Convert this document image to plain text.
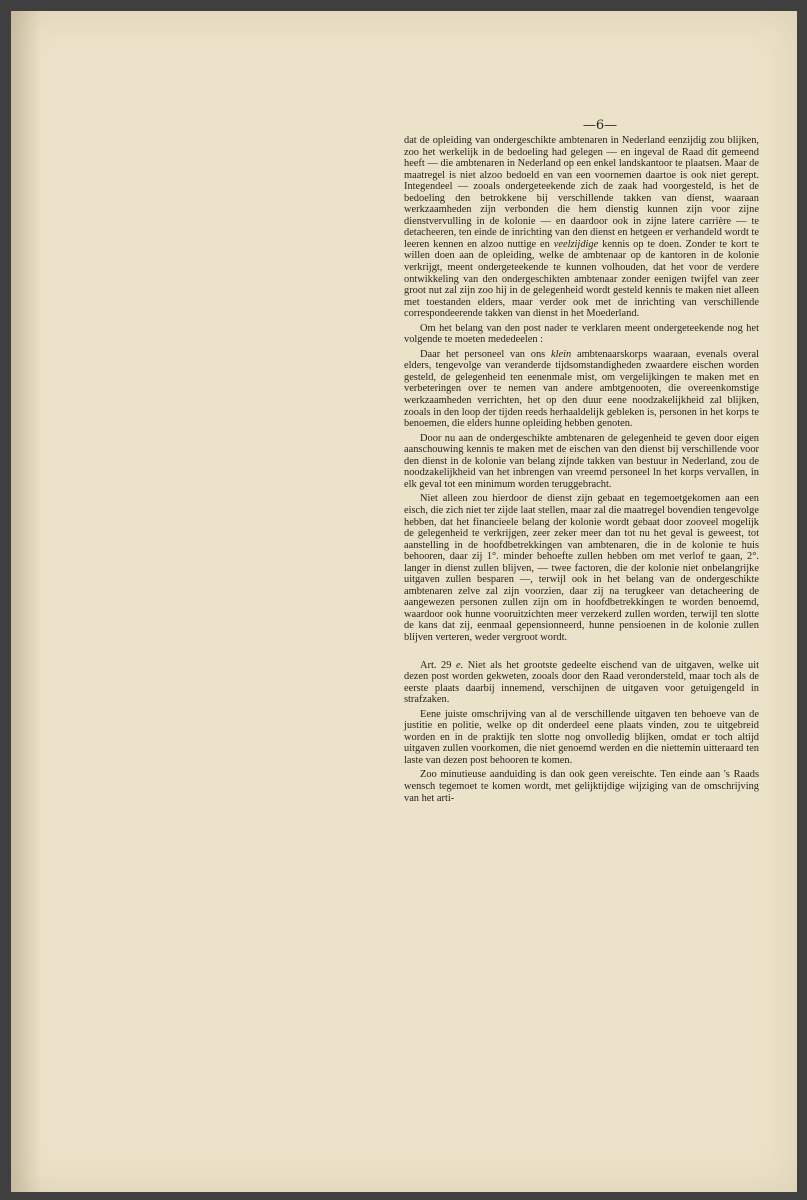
—6—

dat de opleiding van ondergeschikte ambtenaren in Nederland eenzijdig zou blijken, zoo het werkelijk in de bedoeling had gelegen — en ingeval de Raad dit gemeend heeft — die ambtenaren in Nederland op een enkel landskantoor te plaatsen. Maar de maatregel is niet alzoo bedoeld en van een voornemen daartoe is ook niet gerept. Integendeel — zooals ondergeteekende zich de zaak had voorgesteld, is het de bedoeling den betrokkene bij verschillende takken van dienst, waaraan werkzaamheden zijn verbonden die hem dienstig kunnen zijn voor zijne dienstvervulling in de kolonie — en daardoor ook in zijne latere carrière — te detacheeren, ten einde de inrichting van den dienst en hetgeen er verhandeld wordt te leeren kennen en alzoo nuttige en veelzijdige kennis op te doen. Zonder te kort te willen doen aan de opleiding, welke de ambtenaar op de kantoren in de kolonie verkrijgt, meent ondergeteekende te kunnen volhouden, dat het voor de verdere ontwikkeling van den ondergeschikten ambtenaar zonder eenigen twijfel van zeer groot nut zal zijn zoo hij in de gelegenheid wordt gesteld kennis te maken niet alleen met toestanden elders, maar verder ook met de inrichting van verschillende correspondeerende takken van dienst in het Moederland.

Om het belang van den post nader te verklaren meent ondergeteekende nog het volgende te moeten mededeelen :

Daar het personeel van ons klein ambtenaarskorps waaraan, evenals overal elders, tengevolge van veranderde tijdsomstandigheden zwaardere eischen worden gesteld, de gelegenheid ten eenenmale mist, om vergelijkingen te maken met en verbeteringen over te nemen van andere ambtgenooten, die overeenkomstige werkzaamheden verrichten, het op den duur eene noodzakelijkheid zal blijken, zooals in den loop der tijden reeds herhaaldelijk gebleken is, personen in het korps te benoemen, die elders hunne opleiding hebben genoten.

Door nu aan de ondergeschikte ambtenaren de gelegenheid te geven door eigen aanschouwing kennis te maken met de eischen van den dienst bij verschillende voor den dienst in de kolonie van belang zijnde takken van bestuur in Nederland, zou de noodzakelijkheid van het inbrengen van vreemd personeel ln het korps vervallen, in elk geval tot een minimum worden teruggebracht.

Niet alleen zou hierdoor de dienst zijn gebaat en tegemoetgekomen aan een eisch, die zich niet ter zijde laat stellen, maar zal die maatregel bovendien tengevolge hebben, dat het financieele belang der kolonie wordt gebaat door zooveel mogelijk de gelegenheid te verkrijgen, zeer zeker meer dan tot nu het geval is geweest, tot aanstelling in de hoofdbetrekkingen van ambtenaren, die in de kolonie te huis behooren, daar zij 1°. minder behoefte zullen hebben om met verlof te gaan, 2°. langer in dienst zullen blijven, — twee factoren, die der kolonie niet onbelangrijke uitgaven zullen besparen —, terwijl ook in het belang van de ondergeschikte ambtenaren zelve zal zijn voorzien, daar zij na terugkeer van detacheering de aangewezen personen zullen zijn om in hoofdbetrekkingen te worden benoemd, waardoor ook hunne vooruitzichten meer verzekerd zullen worden, terwijl ten slotte de kans dat zij, eenmaal gepensionneerd, hunne pensioenen in de kolonie zullen blijven verteren, weder vergroot wordt.

Art. 29 e. Niet als het grootste gedeelte eischend van de uitgaven, welke uit dezen post worden gekweten, zooals door den Raad verondersteld, maar toch als de eerste plaats daarbij innemend, verschijnen de uitgaven voor getuigengeld in strafzaken.

Eene juiste omschrijving van al de verschillende uitgaven ten behoeve van de justitie en politie, welke op dit onderdeel eene plaats vinden, zou te uitgebreid worden en in de praktijk ten slotte nog onvolledig blijken, omdat er toch altijd uitgaven zullen voorkomen, die niet genoemd werden en die niettemin uitteraard ten laste van dezen post behooren te komen.

Zoo minutieuse aanduiding is dan ook geen vereischte. Ten einde aan 's Raads wensch tegemoet te komen wordt, met gelijktijdige wijziging van de omschrijving van het arti-
